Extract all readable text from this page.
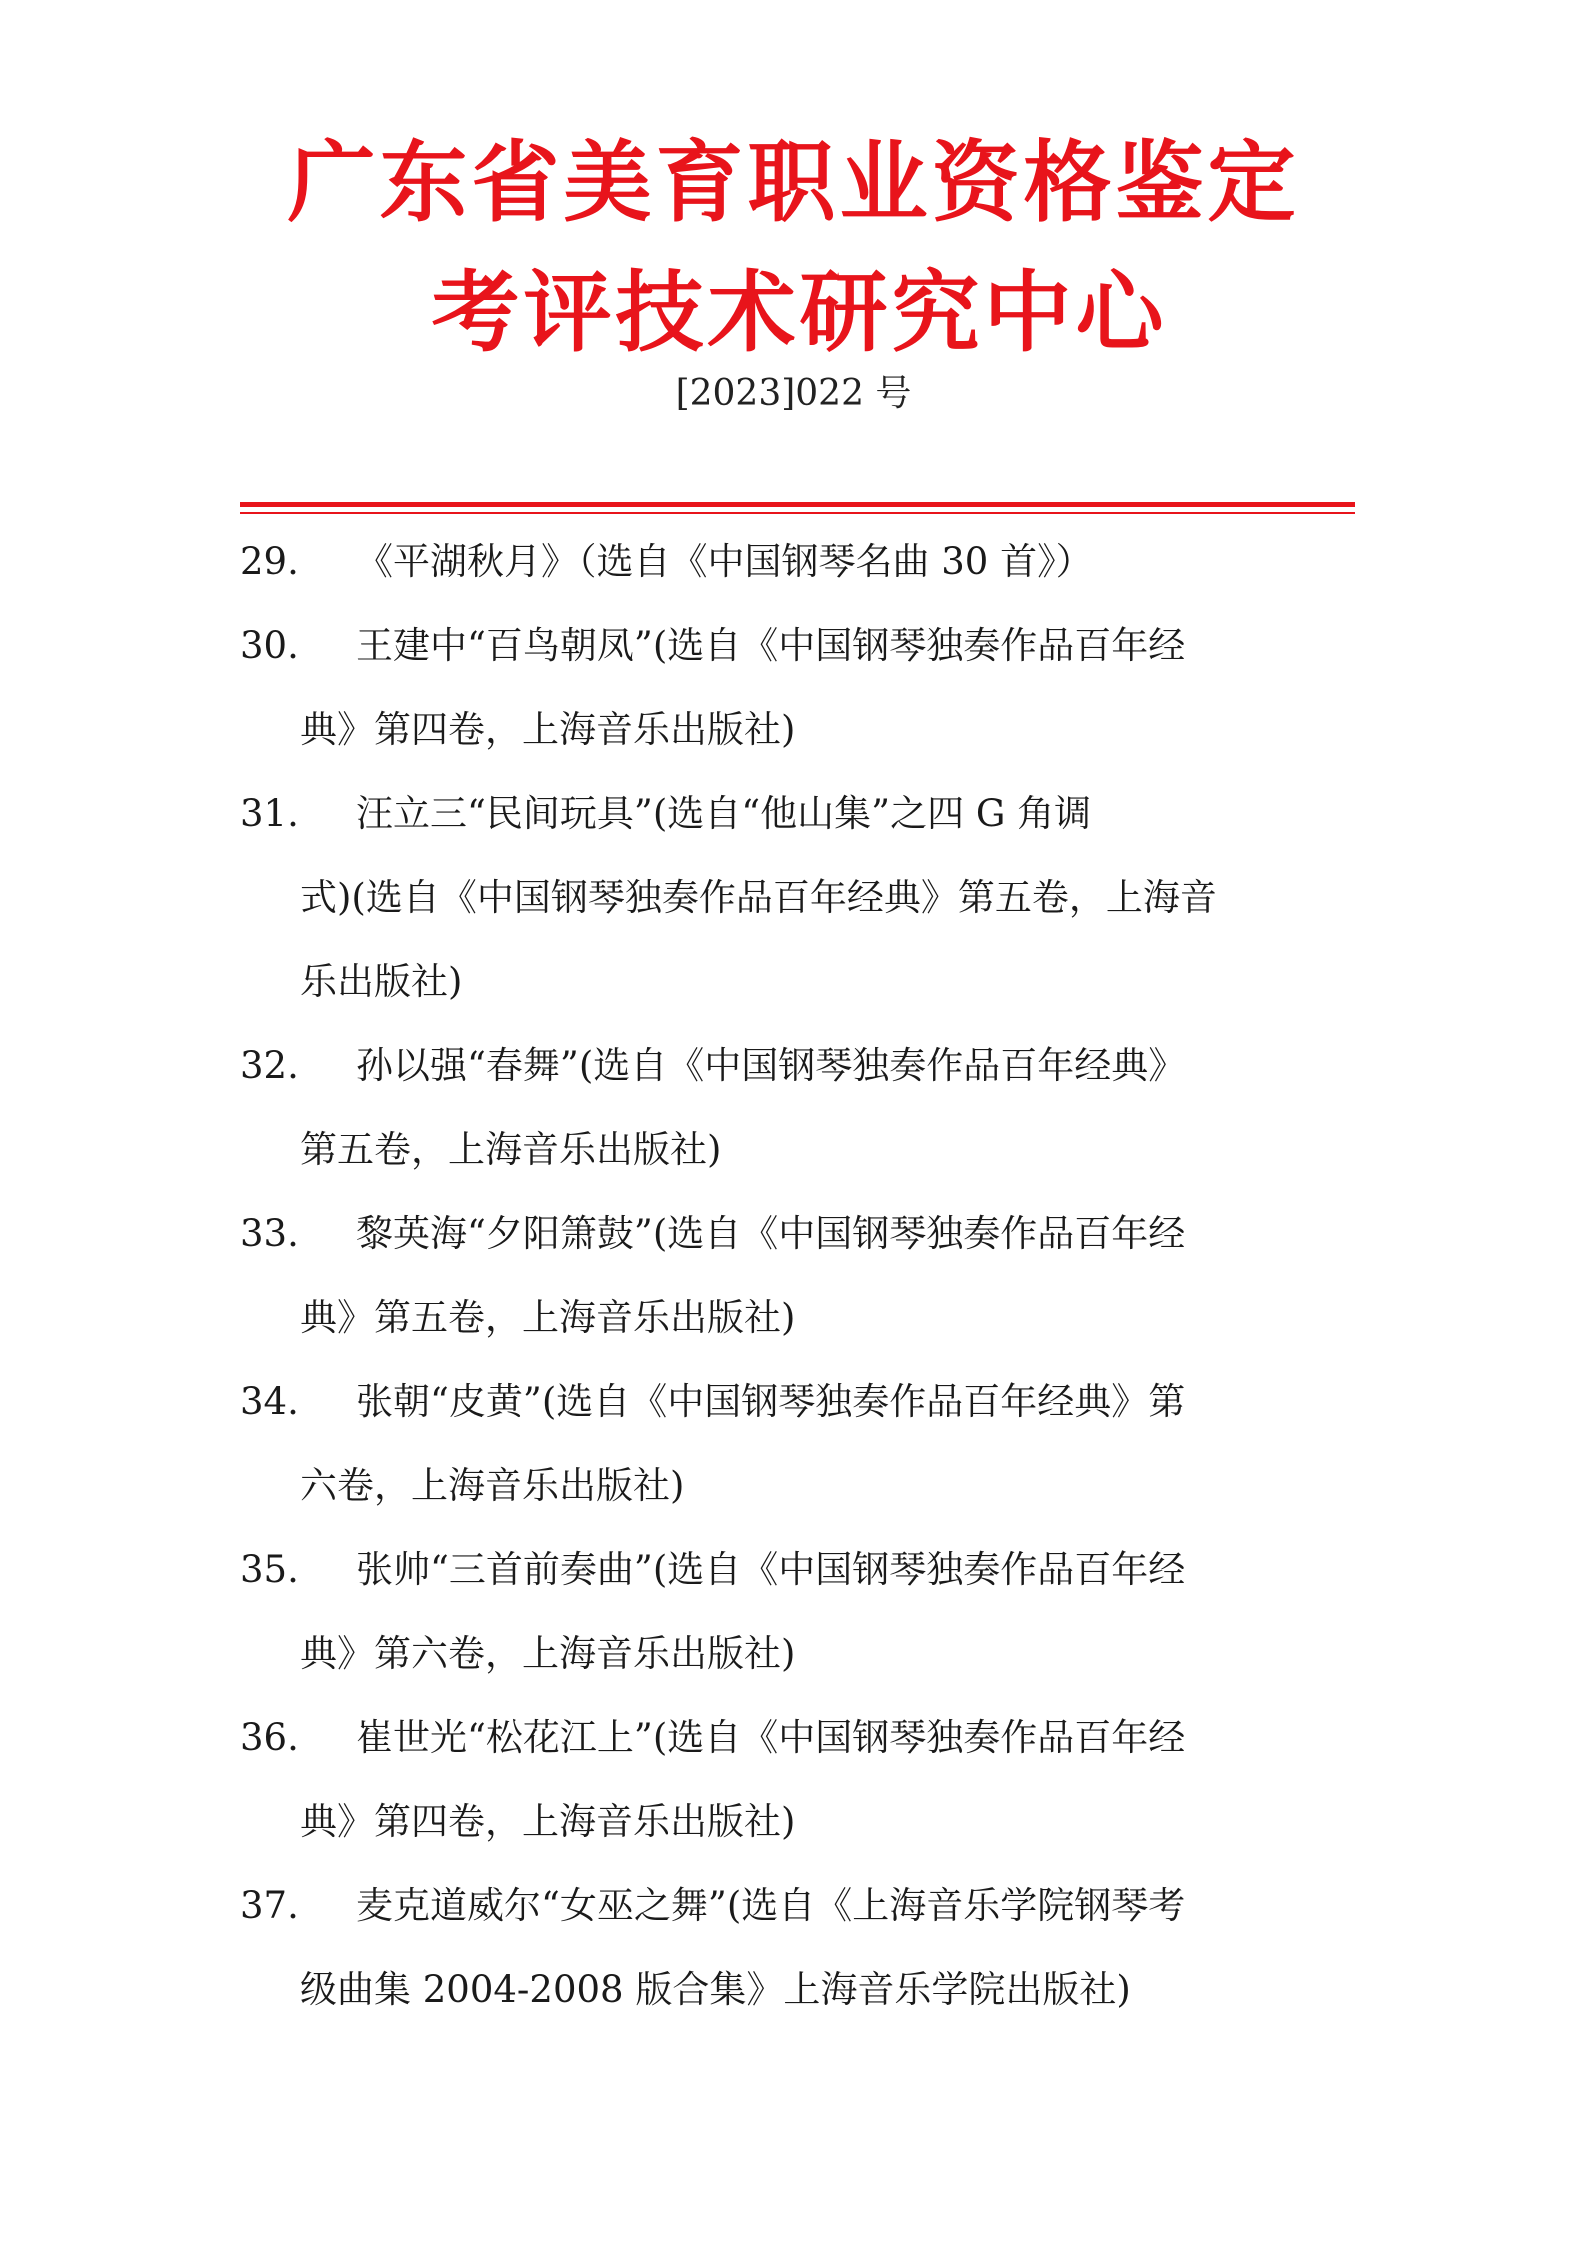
广东省美育职业资格鉴定
考评技术研究中心
[2023]022 号
29.	《平湖秋月》（选自《中国钢琴名曲 30 首》）
30.	王建中“百鸟朝凤”(选自《中国钢琴独奏作品百年经
典》第四卷，上海音乐出版社)
31.	汪立三“民间玩具”(选自“他山集”之四 G 角调
式)(选自《中国钢琴独奏作品百年经典》第五卷，上海音
乐出版社)
32.	孙以强“春舞”(选自《中国钢琴独奏作品百年经典》
第五卷，上海音乐出版社)
33.	黎英海“夕阳箫鼓”(选自《中国钢琴独奏作品百年经
典》第五卷，上海音乐出版社)
34.	张朝“皮黄”(选自《中国钢琴独奏作品百年经典》第
六卷，上海音乐出版社)
35.	张帅“三首前奏曲”(选自《中国钢琴独奏作品百年经
典》第六卷，上海音乐出版社)
36.	崔世光“松花江上”(选自《中国钢琴独奏作品百年经
典》第四卷，上海音乐出版社)
37.	麦克道威尔“女巫之舞”(选自《上海音乐学院钢琴考
级曲集 2004-2008 版合集》上海音乐学院出版社)
